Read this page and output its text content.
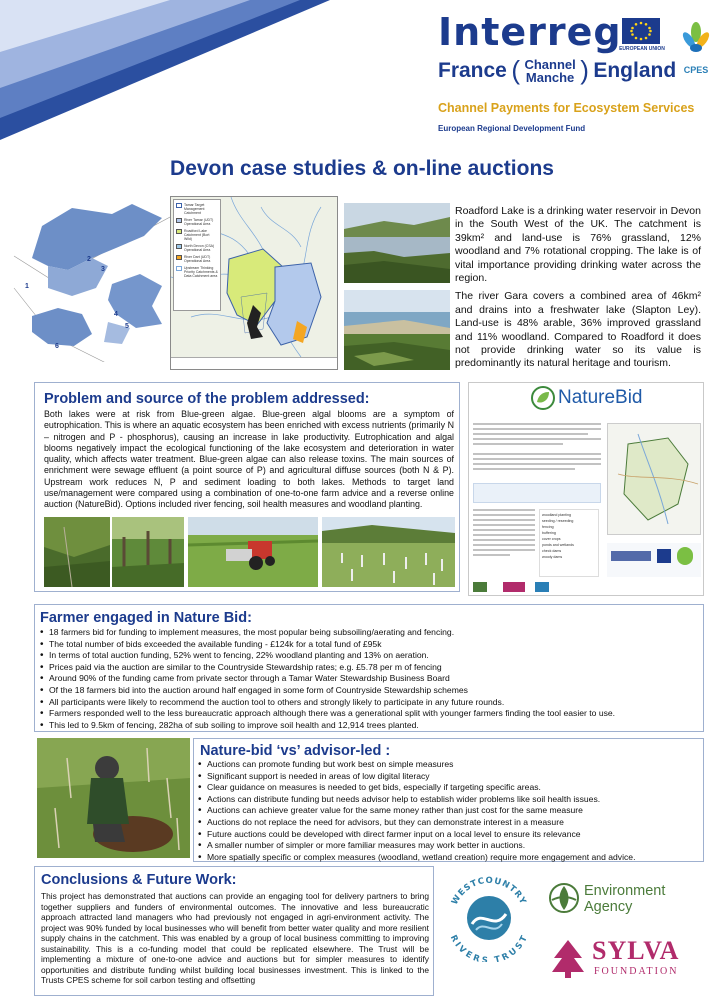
Interreg
EUROPEAN UNION
CPES
France ( Channel
Manche ) England
Channel Payments for Ecosystem Services
European Regional Development Fund
Devon case studies & on-line auctions
1
2
3
4
5
6
Tamar Target Management Catchment
River Tamar (UDT) Operational Area
Roadford Lake Catchment (Bort Wild)
North Devon (CSA) Operational Area
River Dart (UDT) Operational Area
Upstream Thinking Priority Catchments & Data Catchment area

Roadford Lake is a drinking water reservoir in Devon in the South West of the UK. The catchment is 39km² and land-use is 76% grassland, 12% woodland and 7% rotational cropping. The lake is of vital importance providing drinking water across the region.

The river Gara covers a combined area of 46km² and drains into a freshwater lake (Slapton Ley). Land-use is 48% arable, 36% improved grassland and 11% woodland. Compared to Roadford it does not provide drinking water so its value is predominantly its natural heritage and tourism.

Problem and source of the problem addressed:
Both lakes were at risk from Blue-green algae. Blue-green algal blooms are a symptom of eutrophication. This is where an aquatic ecosystem has been enriched with excess nutrients (primarily N – nitrogen and P - phosphorus), causing an increase in lake productivity. Eutrophication and algal blooms negatively impact the ecological functioning of the lake ecosystem and deterioration in water quality, which affects water treatment. Blue-green algae can also release toxins. The main sources of enrichment were sewage effluent (a point source of P) and agricultural diffuse sources (both N & P). Upstream work reduces N, P and sediment loading to both lakes. Methods to target land use/management were compared using a combination of one-to-one farm advice and a reverse online auction (NatureBid). Options included river fencing, soil health measures and woodland planting.
NatureBid
woodland planting
seeding / reseeding
fencing
buffering
cover crops
ponds and wetlands
check dams
woody dams
Farmer engaged in Nature Bid:
• 18 farmers bid for funding to implement measures, the most popular being subsoiling/aerating and fencing.
• The total number of bids exceeded the available funding - £124k for a total fund of £95k
• In terms of total auction funding, 52% went to fencing, 22% woodland planting and 13% on aeration.
• Prices paid via the auction are similar to the Countryside Stewardship rates; e.g. £5.78 per m of fencing
• Around 90% of the funding came from private sector through a Tamar Water Stewardship Business Board
• Of the 18 farmers bid into the auction around half engaged in some form of Countryside Stewardship schemes
• All participants were likely to recommend the auction tool to others and strongly likely to participate in any future rounds.
• Farmers responded well to the less bureaucratic approach although there was a generational split with younger farmers finding the tool easier to use.
• This led to 9.5km of fencing, 282ha of sub soiling to improve soil health and 12,914 trees planted.
Nature-bid ‘vs’ advisor-led :
• Auctions can promote funding but work best on simple measures
• Significant support is needed in areas of low digital literacy
• Clear guidance on measures is needed to get bids, especially if targeting specific areas.
• Actions can distribute funding but needs advisor help to establish wider problems like soil health issues.
• Auctions can achieve greater value for the same money rather than just cost for the same measure
• Auctions do not replace the need for advisors, but they can demonstrate interest in a measure
• Future auctions could be developed with direct farmer input on a local level to ensure its relevance
• A smaller number of simpler or more familiar measures may work better in auctions.
• More spatially specific or complex measures (woodland, wetland creation) require more engagement and advice.
Conclusions & Future Work:
This project has demonstrated that auctions can provide an engaging tool for delivery partners to bring together suppliers and funders of environmental outcomes. The innovative and less bureaucratic approach attracted land managers who had previously not engaged in agri-environment activity. The project was 90% funded by local businesses who will benefit from better water quality and more resilient supply chains in the catchment. This was enabled by a group of local business committing to improving sustainability. This is a co-funding model that could be replicated elsewhere. The Trust will be implementing a mixture of one-to-one advice and auctions but for simpler measures to identify opportunities and distribute funding whilst building local businesses investment. This is linked to the Trusts CPES scheme for soil carbon testing and offsetting
WESTCOUNTRY
RIVERS TRUST
Environment
Agency
SYLVA
FOUNDATION
